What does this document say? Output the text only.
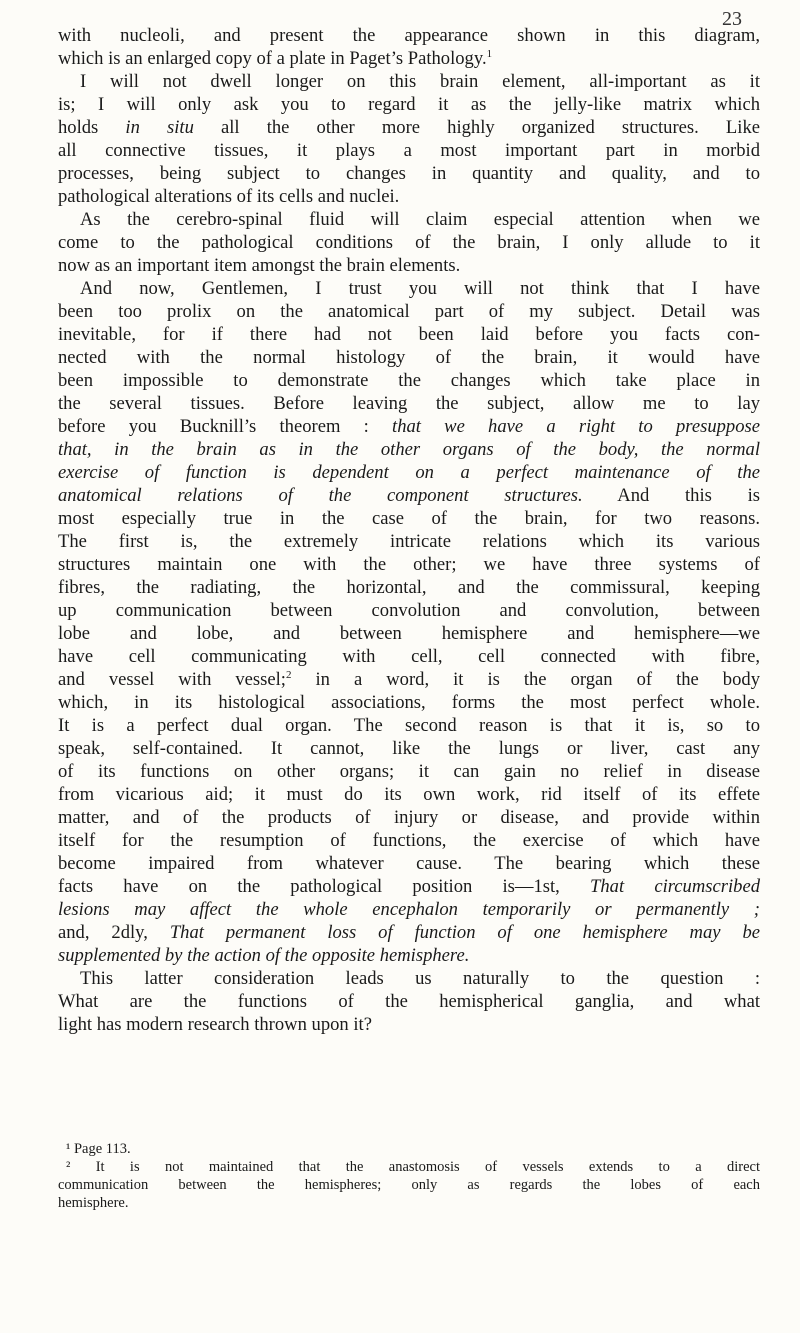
23
with nucleoli, and present the appearance shown in this diagram,
which is an enlarged copy of a plate in Paget’s Pathology.$^1$
I will not dwell longer on this brain element, all-important as it
is; I will only ask you to regard it as the jelly-like matrix which
holds in situ all the other more highly organized structures. Like
all connective tissues, it plays a most important part in morbid
processes, being subject to changes in quantity and quality, and to
pathological alterations of its cells and nuclei.
As the cerebro-spinal fluid will claim especial attention when we
come to the pathological conditions of the brain, I only allude to it
now as an important item amongst the brain elements.
And now, Gentlemen, I trust you will not think that I have
been too prolix on the anatomical part of my subject. Detail was
inevitable, for if there had not been laid before you facts con-
nected with the normal histology of the brain, it would have
been impossible to demonstrate the changes which take place in
the several tissues. Before leaving the subject, allow me to lay
before you Bucknill’s theorem : that we have a right to presuppose
that, in the brain as in the other organs of the body, the normal
exercise of function is dependent on a perfect maintenance of the
anatomical relations of the component structures. And this is
most especially true in the case of the brain, for two reasons.
The first is, the extremely intricate relations which its various
structures maintain one with the other; we have three systems of
fibres, the radiating, the horizontal, and the commissural, keeping
up communication between convolution and convolution, between
lobe and lobe, and between hemisphere and hemisphere—we
have cell communicating with cell, cell connected with fibre,
and vessel with vessel;$^2$ in a word, it is the organ of the body
which, in its histological associations, forms the most perfect whole.
It is a perfect dual organ. The second reason is that it is, so to
speak, self-contained. It cannot, like the lungs or liver, cast any
of its functions on other organs; it can gain no relief in disease
from vicarious aid; it must do its own work, rid itself of its effete
matter, and of the products of injury or disease, and provide within
itself for the resumption of functions, the exercise of which have
become impaired from whatever cause. The bearing which these
facts have on the pathological position is—1st, That circumscribed
lesions may affect the whole encephalon temporarily or permanently ;
and, 2dly, That permanent loss of function of one hemisphere may be
supplemented by the action of the opposite hemisphere.
This latter consideration leads us naturally to the question :
What are the functions of the hemispherical ganglia, and what
light has modern research thrown upon it?
¹ Page 113.
² It is not maintained that the anastomosis of vessels extends to a direct
communication between the hemispheres; only as regards the lobes of each
hemisphere.
